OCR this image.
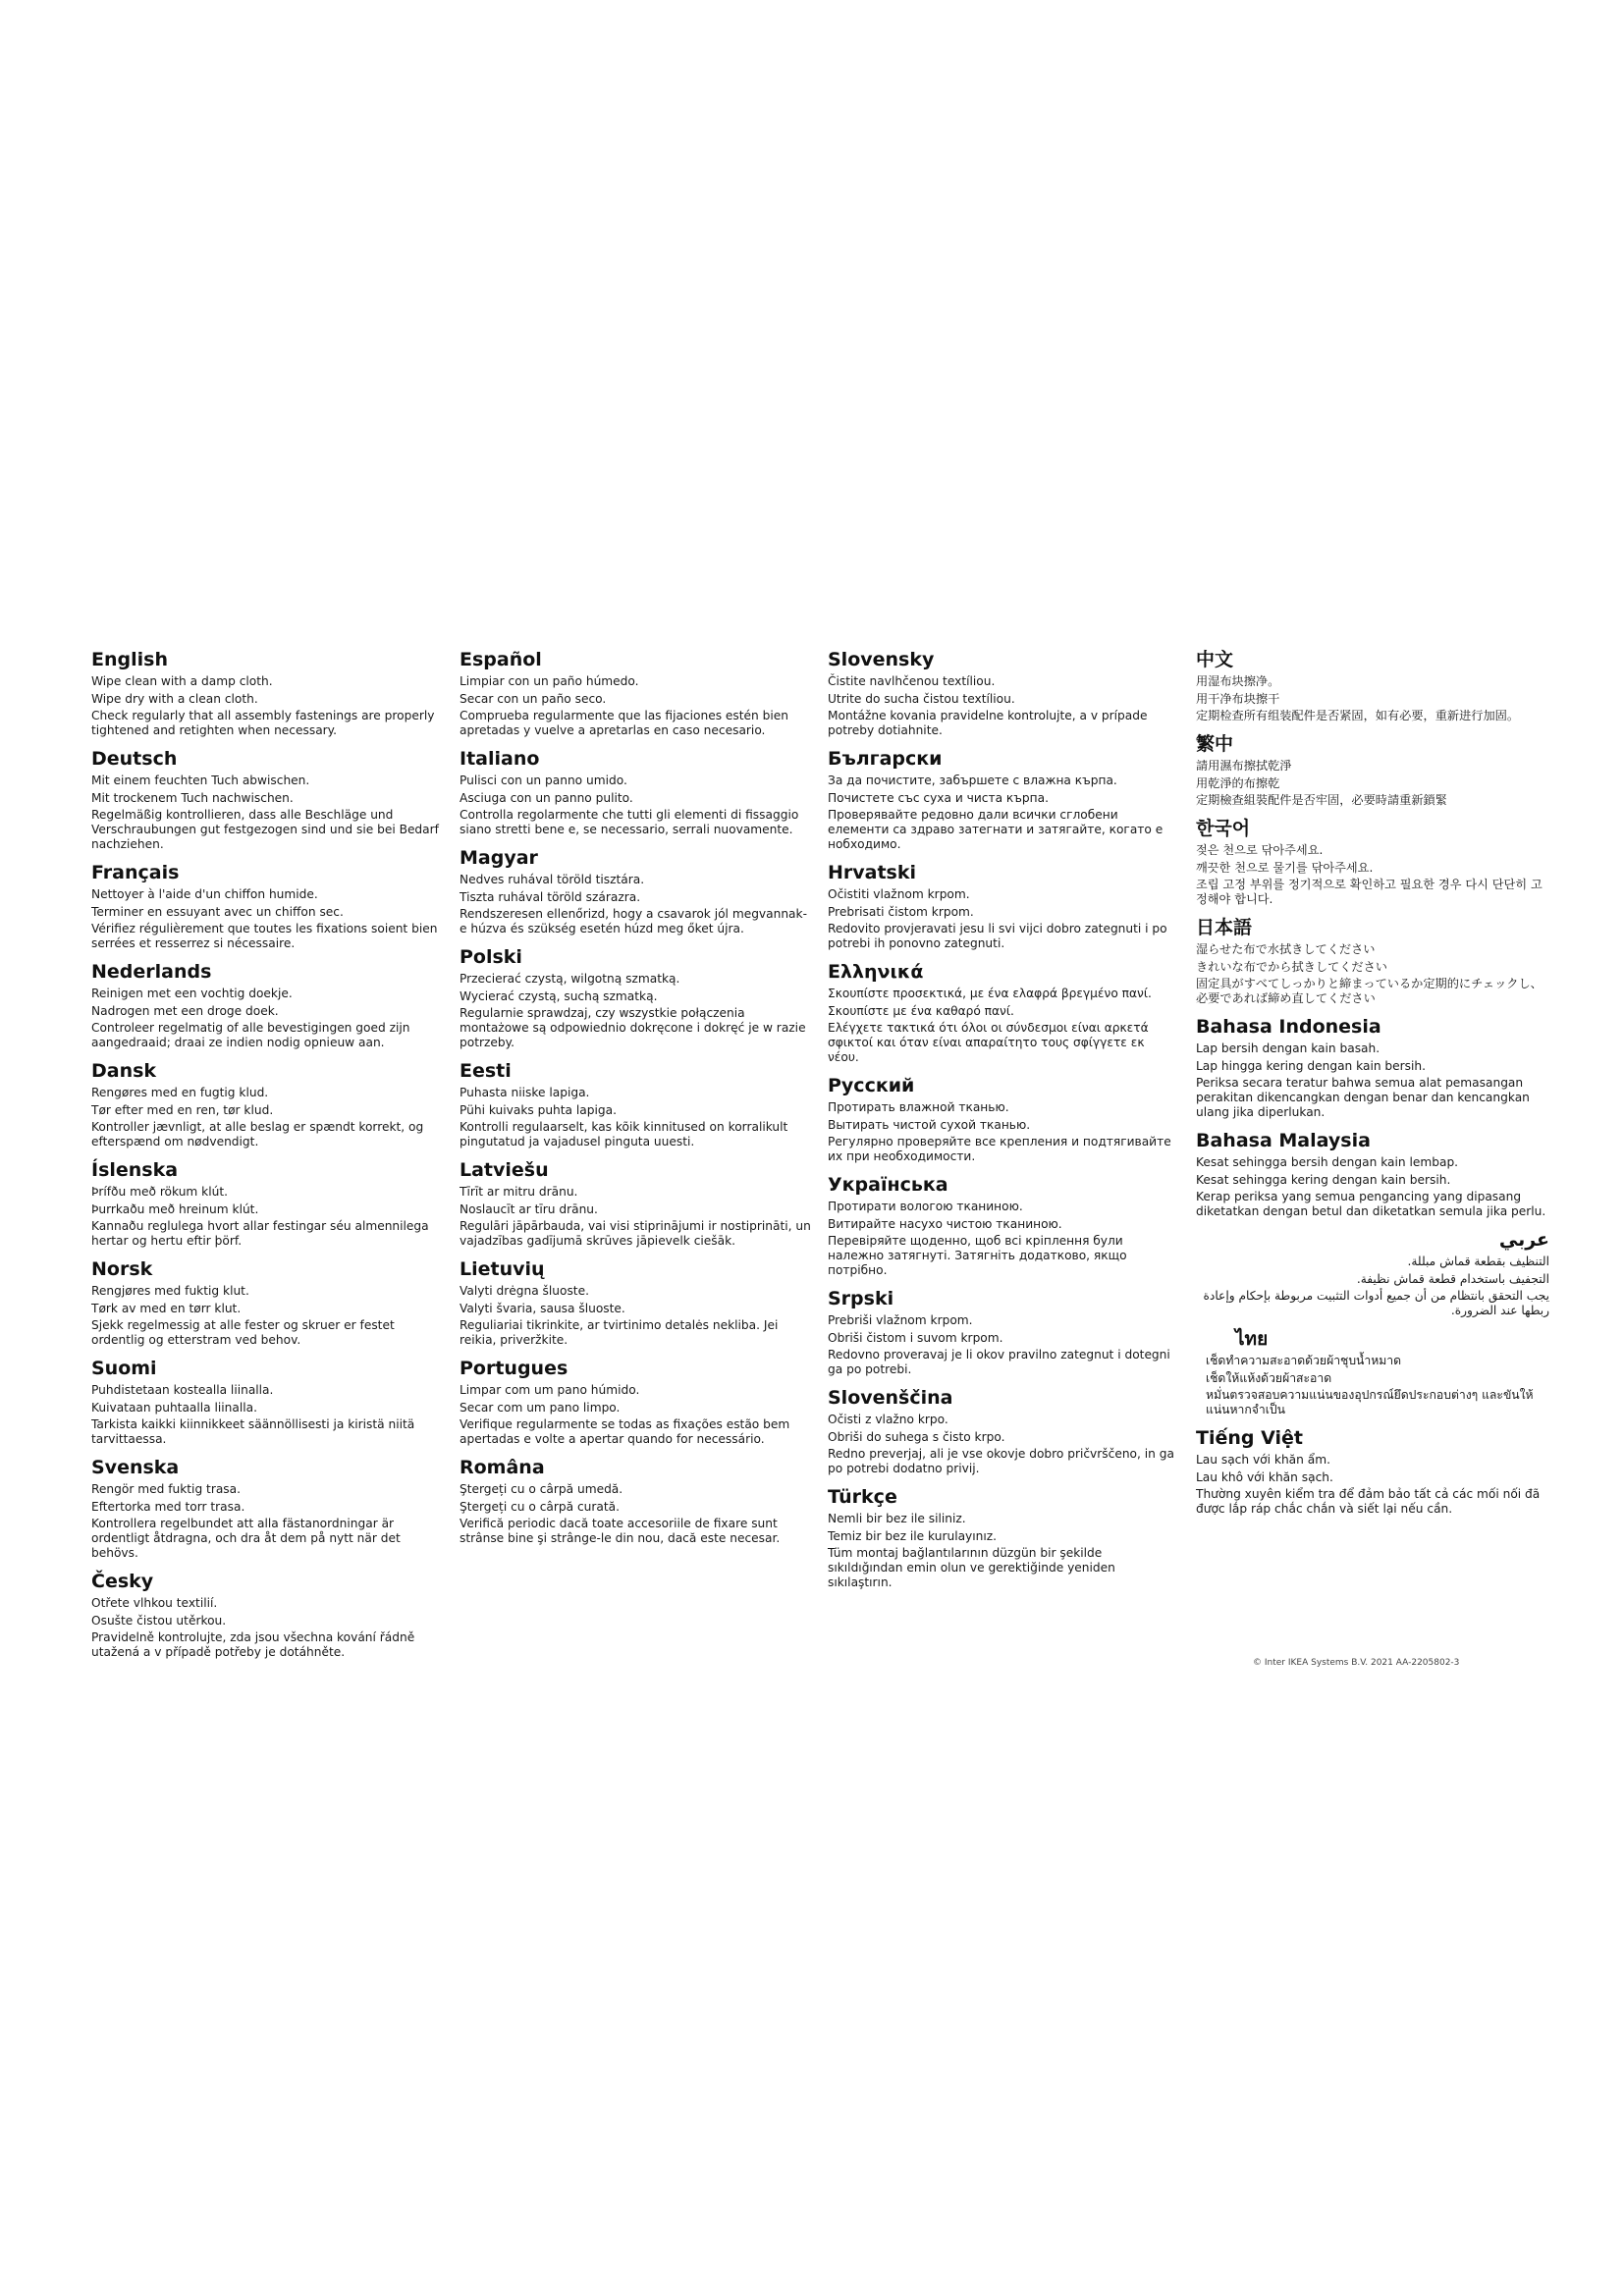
English
Wipe clean with a damp cloth.
Wipe dry with a clean cloth.
Check regularly that all assembly fastenings are properly tightened and retighten when necessary.
Deutsch
Mit einem feuchten Tuch abwischen.
Mit trockenem Tuch nachwischen.
Regelmäßig kontrollieren, dass alle Beschläge und Verschraubungen gut festgezogen sind und sie bei Bedarf nachziehen.
Français
Nettoyer à l'aide d'un chiffon humide.
Terminer en essuyant avec un chiffon sec.
Vérifiez régulièrement que toutes les fixations soient bien serrées et resserrez si nécessaire.
Nederlands
Reinigen met een vochtig doekje.
Nadrogen met een droge doek.
Controleer regelmatig of alle bevestigingen goed zijn aangedraaid; draai ze indien nodig opnieuw aan.
Dansk
Rengøres med en fugtig klud.
Tør efter med en ren, tør klud.
Kontroller jævnligt, at alle beslag er spændt korrekt, og efterspænd om nødvendigt.
Íslenska
Þrífðu með rökum klút.
Þurrkaðu með hreinum klút.
Kannaðu reglulega hvort allar festingar séu almennilega hertar og hertu eftir þörf.
Norsk
Rengjøres med fuktig klut.
Tørk av med en tørr klut.
Sjekk regelmessig at alle fester og skruer er festet ordentlig og etterstram ved behov.
Suomi
Puhdistetaan kostealla liinalla.
Kuivataan puhtaalla liinalla.
Tarkista kaikki kiinnikkeet säännöllisesti ja kiristä niitä tarvittaessa.
Svenska
Rengör med fuktig trasa.
Eftertorka med torr trasa.
Kontrollera regelbundet att alla fästanordningar är ordentligt åtdragna, och dra åt dem på nytt när det behövs.
Česky
Otřete vlhkou textilií.
Osušte čistou utěrkou.
Pravidelně kontrolujte, zda jsou všechna kování řádně utažená a v případě potřeby je dotáhněte.
Español
Limpiar con un paño húmedo.
Secar con un paño seco.
Comprueba regularmente que las fijaciones estén bien apretadas y vuelve a apretarlas en caso necesario.
Italiano
Pulisci con un panno umido.
Asciuga con un panno pulito.
Controlla regolarmente che tutti gli elementi di fissaggio siano stretti bene e, se necessario, serrali nuovamente.
Magyar
Nedves ruhával töröld tisztára.
Tiszta ruhával töröld szárazra.
Rendszeresen ellenőrizd, hogy a csavarok jól megvannak-e húzva és szükség esetén húzd meg őket újra.
Polski
Przecierać czystą, wilgotną szmatką.
Wycierać czystą, suchą szmatką.
Regularnie sprawdzaj, czy wszystkie połączenia montażowe są odpowiednio dokręcone i dokręć je w razie potrzeby.
Eesti
Puhasta niiske lapiga.
Pühi kuivaks puhta lapiga.
Kontrolli regulaarselt, kas kõik kinnitused on korralikult pingutatud ja vajadusel pinguta uuesti.
Latviešu
Tīrīt ar mitru drānu.
Noslaucīt ar tīru drānu.
Regulāri jāpārbauda, vai visi stiprinājumi ir nostiprināti, un vajadzības gadījumā skrūves jāpievelk ciešāk.
Lietuvių
Valyti drėgna šluoste.
Valyti švaria, sausa šluoste.
Reguliariai tikrinkite, ar tvirtinimo detalės nekliba. Jei reikia, priveržkite.
Portugues
Limpar com um pano húmido.
Secar com um pano limpo.
Verifique regularmente se todas as fixações estão bem apertadas e volte a apertar quando for necessário.
Româna
Ştergeți cu o cârpă umedă.
Ştergeți cu o cârpă curată.
Verifică periodic dacă toate accesoriile de fixare sunt strânse bine şi strânge-le din nou, dacă este necesar.
Slovensky
Čistite navlhčenou textíliou.
Utrite do sucha čistou textíliou.
Montážne kovania pravidelne kontrolujte, a v prípade potreby dotiahnite.
Български
За да почистите, забършете с влажна кърпа.
Почистете със суха и чиста кърпа.
Проверявайте редовно дали всички сглобени елементи са здраво затегнати и затягайте, когато е нобходимо.
Hrvatski
Očistiti vlažnom krpom.
Prebrisati čistom krpom.
Redovito provjeravati jesu li svi vijci dobro zategnuti i po potrebi ih ponovno zategnuti.
Ελληνικά
Σκουπίστε προσεκτικά, με ένα ελαφρά βρεγμένο πανί.
Σκουπίστε με ένα καθαρό πανί.
Ελέγχετε τακτικά ότι όλοι οι σύνδεσμοι είναι αρκετά σφικτοί και όταν είναι απαραίτητο τους σφίγγετε εκ νέου.
Русский
Протирать влажной тканью.
Вытирать чистой сухой тканью.
Регулярно проверяйте все крепления и подтягивайте их при необходимости.
Українська
Протирати вологою тканиною.
Витирайте насухо чистою тканиною.
Перевіряйте щоденно, щоб всі кріплення були належно затягнуті. Затягніть додатково, якщо потрібно.
Srpski
Prebriši vlažnom krpom.
Obriši čistom i suvom krpom.
Redovno proveravaj je li okov pravilno zategnut i dotegni ga po potrebi.
Slovenščina
Očisti z vlažno krpo.
Obriši do suhega s čisto krpo.
Redno preverjaj, ali je vse okovje dobro pričvrščeno, in ga po potrebi dodatno privij.
Türkçe
Nemli bir bez ile siliniz.
Temiz bir bez ile kurulayınız.
Tüm montaj bağlantılarının düzgün bir şekilde sıkıldığından emin olun ve gerektiğinde yeniden sıkılaştırın.
中文
用湿布块擦净。
用干净布块擦干
定期检查所有组装配件是否紧固，如有必要，重新进行加固。
繁中
請用濕布擦拭乾淨
用乾淨的布擦乾
定期檢查組裝配件是否牢固，必要時請重新鎖緊
한국어
젖은 천으로 닦아주세요.
깨끗한 천으로 물기를 닦아주세요.
조립 고정 부위를 정기적으로 확인하고 필요한 경우 다시 단단히 고정해야 합니다.
日本語
湿らせた布で水拭きしてください
きれいな布でから拭きしてください
固定具がすべてしっかりと締まっているか定期的にチェックし、必要であれば締め直してください
Bahasa Indonesia
Lap bersih dengan kain basah.
Lap hingga kering dengan kain bersih.
Periksa secara teratur bahwa semua alat pemasangan perakitan dikencangkan dengan benar dan kencangkan ulang jika diperlukan.
Bahasa Malaysia
Kesat sehingga bersih dengan kain lembap.
Kesat sehingga kering dengan kain bersih.
Kerap periksa yang semua pengancing yang dipasang diketatkan dengan betul dan diketatkan semula jika perlu.
عربي
التنظيف بقطعة قماش مبللة.
التجفيف باستخدام قطعة قماش نظيفة.
يجب التحقق بانتظام من أن جميع أدوات التثبيت مربوطة بإحكام وإعادة ربطها عند الضرورة.
ไทย
เช็ดทำความสะอาดด้วยผ้าชุบน้ำหมาด
เช็ดให้แห้งด้วยผ้าสะอาด
หมั่นตรวจสอบความแน่นของอุปกรณ์ยึดประกอบต่างๆ และขันให้แน่นหากจำเป็น
Tiếng Việt
Lau sạch với khăn ẩm.
Lau khô với khăn sạch.
Thường xuyên kiểm tra để đảm bảo tất cả các mối nối đã được lắp ráp chắc chắn và siết lại nếu cần.
© Inter IKEA Systems B.V. 2021 AA-2205802-3
